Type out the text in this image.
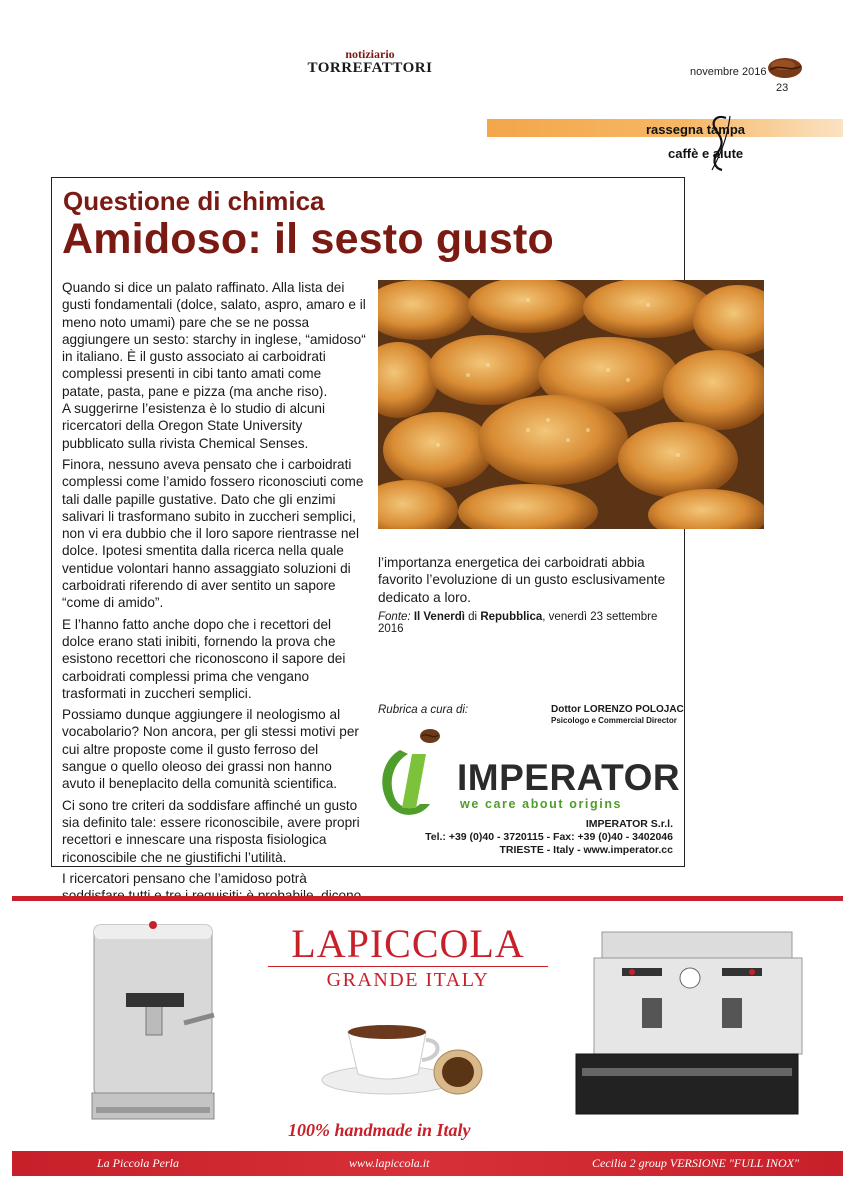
notiziario
TORREFATTORI	novembre 2016
23
rassegna tampa
caffè e alute
Questione di chimica
Amidoso: il sesto gusto

Quando si dice un palato raffinato. Alla lista dei gusti fondamentali (dolce, salato, aspro, amaro e il meno noto umami) pare che se ne possa aggiungere un sesto: starchy in inglese, “amidoso“ in italiano. È il gusto associato ai carboidrati complessi presenti in cibi tanto amati come patate, pasta, pane e pizza (ma anche riso).
A suggerirne l’esistenza è lo studio di alcuni ricercatori della Oregon State University pubblicato sulla rivista Chemical Senses.

Finora, nessuno aveva pensato che i carboidrati complessi come l’amido fossero riconosciuti come tali dalle papille gustative. Dato che gli enzimi salivari li trasformano subito in zuccheri semplici, non vi era dubbio che il loro sapore rientrasse nel dolce. Ipotesi smentita dalla ricerca nella quale ventidue volontari hanno assaggiato soluzioni di carboidrati riferendo di aver sentito un sapore “come di amido”.

E l’hanno fatto anche dopo che i recettori del dolce erano stati inibiti, fornendo la prova che esistono recettori che riconoscono il sapore dei carboidrati complessi prima che vengano trasformati in zuccheri semplici.

Possiamo dunque aggiungere il neologismo al vocabolario? Non ancora, per gli stessi motivi per cui altre proposte come il gusto ferroso del sangue o quello oleoso dei grassi non hanno avuto il beneplacito della comunità scientifica.

Ci sono tre criteri da soddisfare affinché un gusto sia definito tale: essere riconoscibile, avere propri recettori e innescare una risposta fisiologica riconoscibile che ne giustifichi l’utilità.

I ricercatori pensano che l’amidoso potrà

l’importanza energetica dei carboidrati abbia favorito l’evoluzione di un gusto esclusivamente dedicato a loro.
Fonte: Il Venerdì di Repubblica, venerdì 23 settembre 2016
Rubrica a cura di:	Dottor LORENZO POLOJAC
Psicologo e Commercial Director
IMPERATOR
we care about origins
IMPERATOR S.r.l.
Tel.: +39 (0)40 - 3720115 - Fax: +39 (0)40 - 3402046
TRIESTE - Italy - www.imperator.cc
LAPICCOLA
GRANDE ITALY
100% handmade in Italy
La Piccola Perla	www.lapiccola.it	Cecilia 2 group VERSIONE "FULL INOX"
